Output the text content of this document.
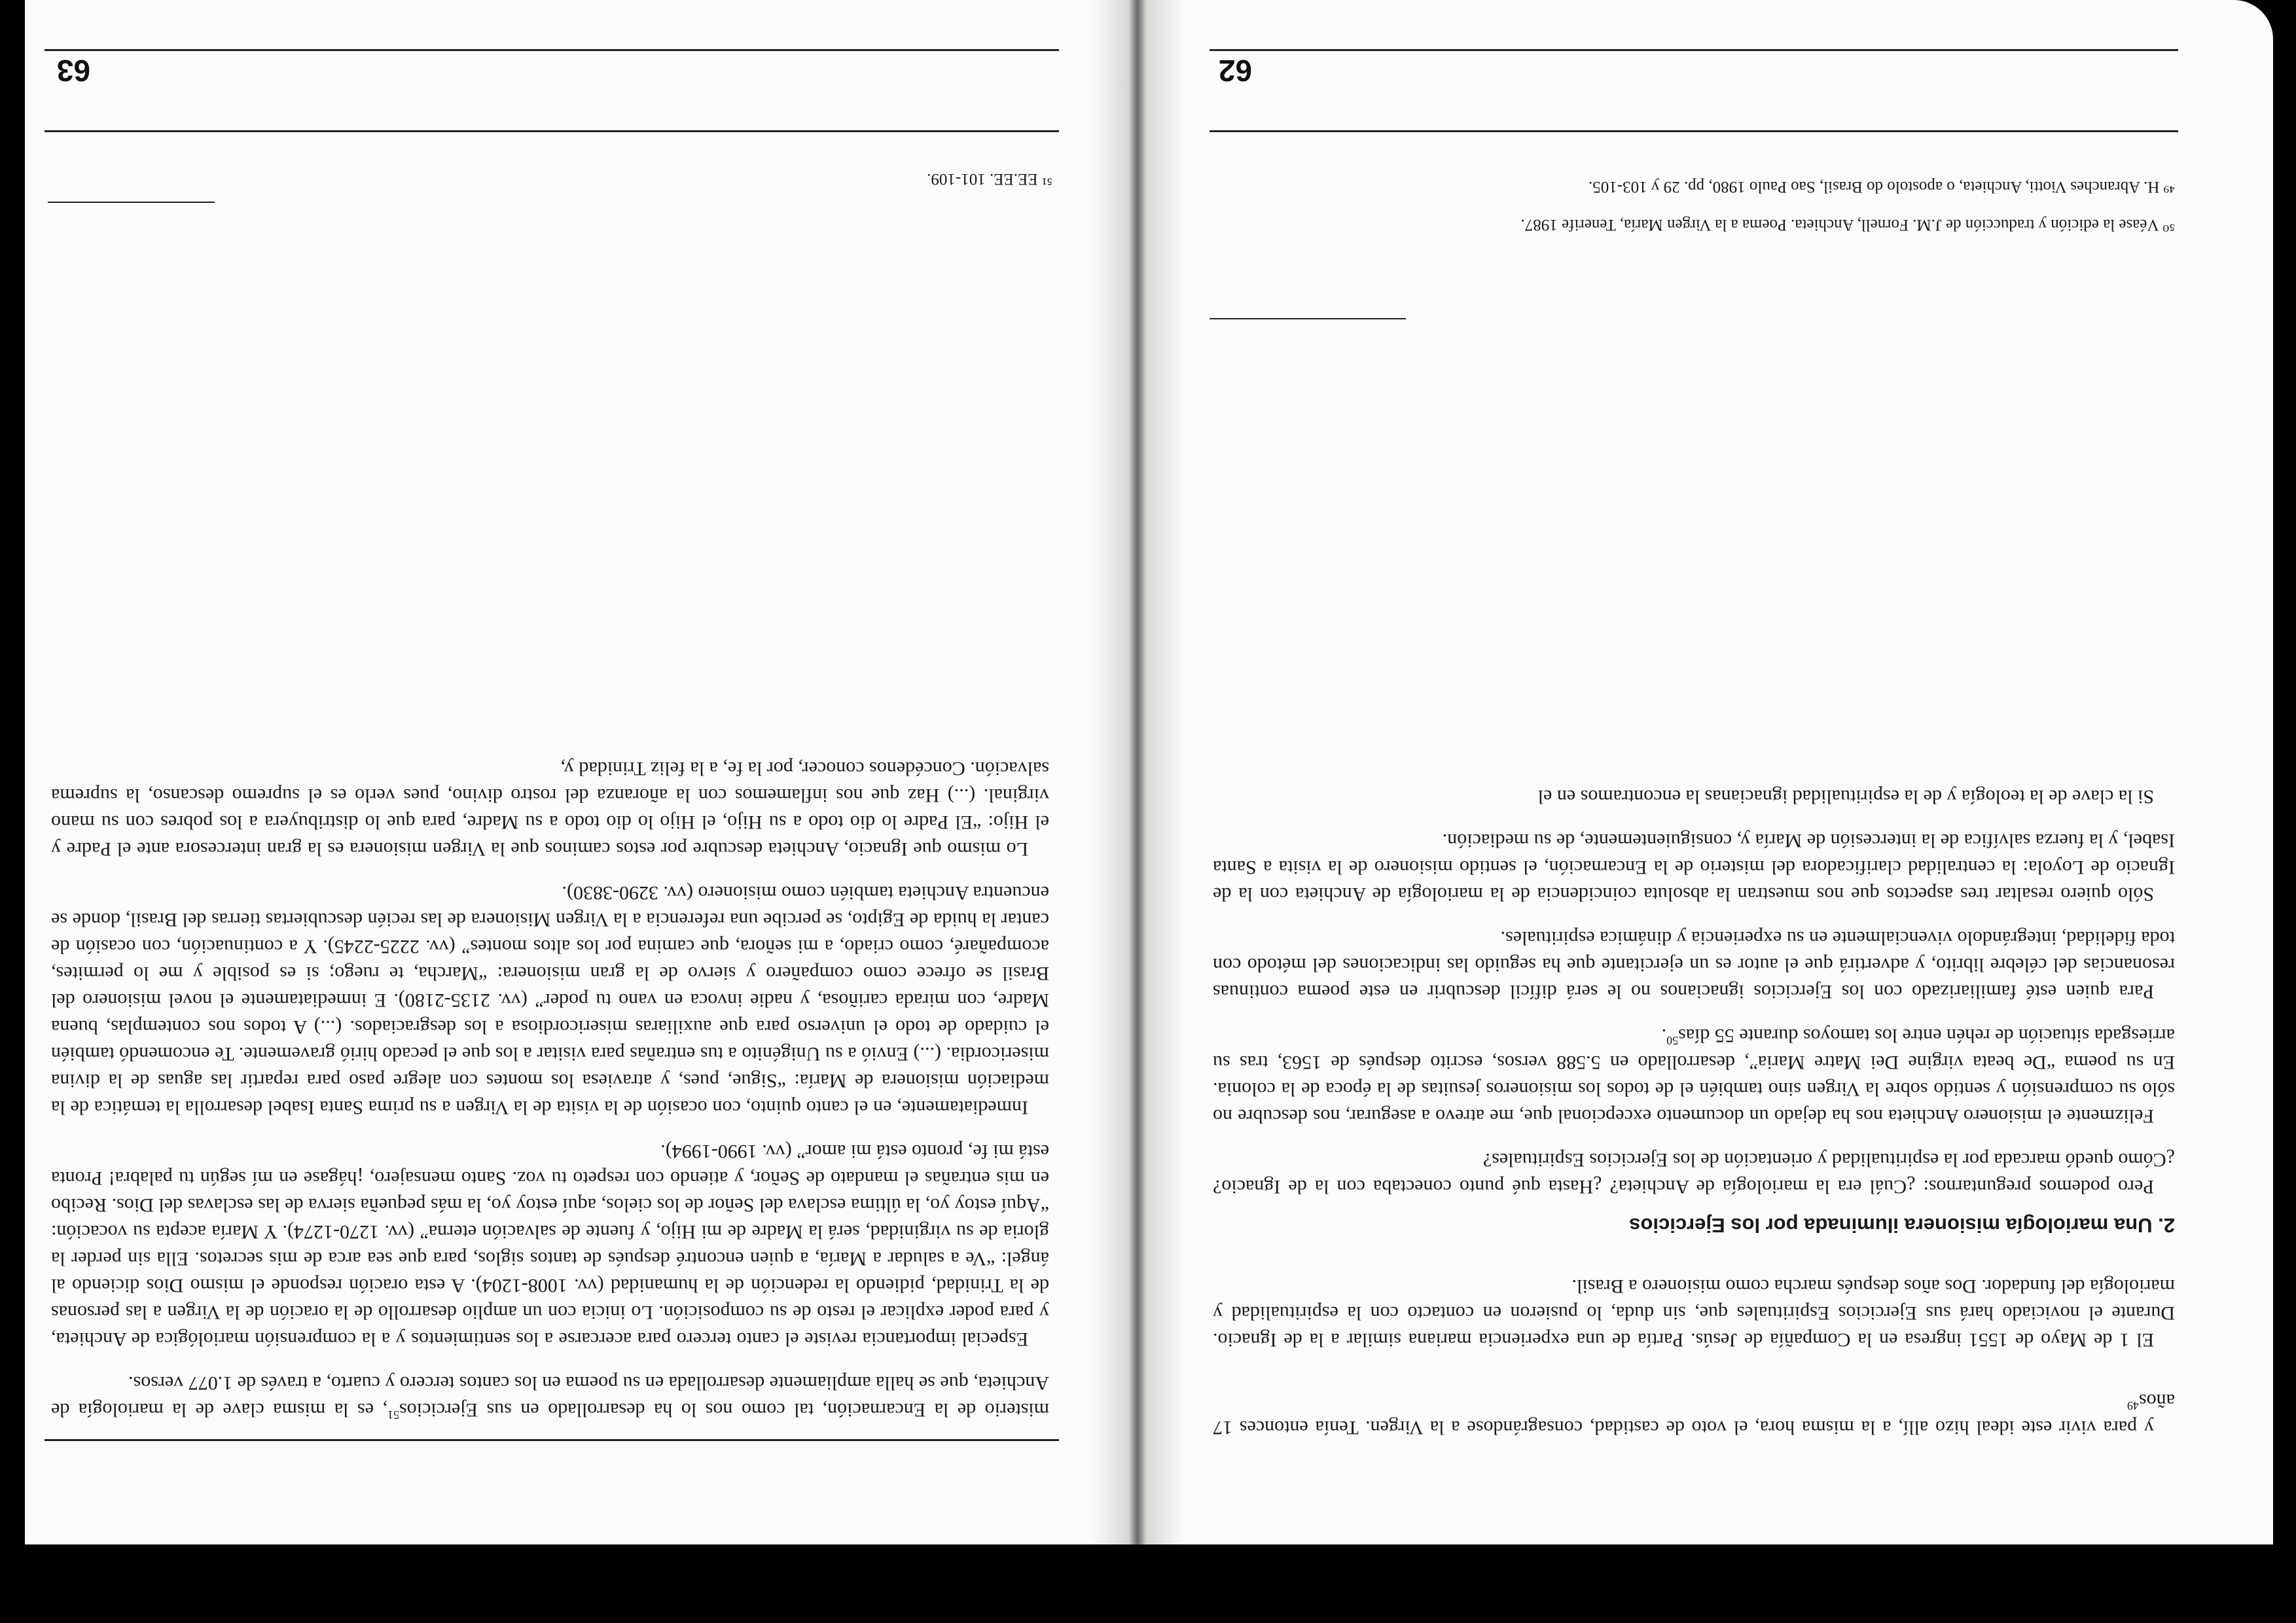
62

⁵⁰ Véase la edición y traducción de J.M. Fornell, Anchieta. Poema a la Virgen María, Tenerife 1987.

⁴⁹ H. Abranches Viotti, Anchieta, o apostolo do Brasil, Sao Paulo 1980, pp. 29 y 103-105.

y para vivir este ideal hizo allí, a la misma hora, el voto de castidad, consagrándose a la Virgen. Tenía entonces 17 años$^{49}$

El 1 de Mayo de 1551 ingresa en la Compañía de Jesús. Partía de una experiencia mariana similar a la de Ignacio. Durante el noviciado hará sus Ejercicios Espirituales que, sin duda, lo pusieron en contacto con la espiritualidad y mariología del fundador. Dos años después marcha como misionero a Brasil.

2. Una mariología misionera iluminada por los Ejercicios

Pero podemos preguntarnos: ¿Cuál era la mariología de Anchieta? ¿Hasta qué punto conectaba con la de Ignacio? ¿Cómo quedó marcada por la espiritualidad y orientación de los Ejercicios Espirituales?

Felizmente el misionero Anchieta nos ha dejado un documento excepcional que, me atrevo a asegurar, nos descubre no sólo su comprensión y sentido sobre la Virgen sino también el de todos los misioneros jesuitas de la época de la colonia. En su poema “De beata virgine Dei Matre Maria”, desarrollado en 5.588 versos, escrito después de 1563, tras su arriesgada situación de rehén entre los tamoyos durante 55 días$^{50}$.

Para quien esté familiarizado con los Ejercicios ignacianos no le será difícil descubrir en este poema continuas resonancias del célebre librito, y advertirá que el autor es un ejercitante que ha seguido las indicaciones del método con toda fidelidad, integrándolo vivencialmente en su experiencia y dinámica espirituales.

Sólo quiero resaltar tres aspectos que nos muestran la absoluta coincidencia de la mariología de Anchieta con la de Ignacio de Loyola: la centralidad clarificadora del misterio de la Encarnación, el sentido misionero de la visita a Santa Isabel, y la fuerza salvífica de la intercesión de María y, consiguientemente, de su mediación.

Si la clave de la teología y de la espiritualidad ignacianas la encontramos en el

63

⁵¹ EE.EE. 101-109.

misterio de la Encarnación, tal como nos lo ha desarrollado en sus Ejercicios$^{51}$, es la misma clave de la mariología de Anchieta, que se halla ampliamente desarrollada en su poema en los cantos tercero y cuarto, a través de 1.077 versos.

Especial importancia reviste el canto tercero para acercarse a los sentimientos y a la comprensión mariológica de Anchieta, y para poder explicar el resto de su composición. Lo inicia con un amplio desarrollo de la oración de la Virgen a las personas de la Trinidad, pidiendo la redención de la humanidad (vv. 1008-1204). A esta oración responde el mismo Dios diciendo al ángel: “Ve a saludar a María, a quien encontré después de tantos siglos, para que sea arca de mis secretos. Ella sin perder la gloria de su virginidad, será la Madre de mi Hijo, y fuente de salvación eterna” (vv. 1270-1274). Y María acepta su vocación: “Aquí estoy yo, la última esclava del Señor de los cielos, aquí estoy yo, la más pequeña sierva de las esclavas del Dios. Recibo en mis entrañas el mandato de Señor, y atiendo con respeto tu voz. Santo mensajero, ¡hágase en mí según tu palabra! Pronta está mi fe, pronto está mi amor” (vv. 1990-1994).

Inmediatamente, en el canto quinto, con ocasión de la visita de la Virgen a su prima Santa Isabel desarrolla la temática de la mediación misionera de María: “Sigue, pues, y atraviesa los montes con alegre paso para repartir las aguas de la divina misericordia. (...) Envió a su Unigénito a tus entrañas para visitar a los que el pecado hirió gravemente. Te encomendó también el cuidado de todo el universo para que auxiliaras misericordiosa a los desgraciados. (...) A todos nos contemplas, buena Madre, con mirada cariñosa, y nadie invoca en vano tu poder” (vv. 2135-2180). E inmediatamente el novel misionero del Brasil se ofrece como compañero y siervo de la gran misionera: “Marcha, te ruego; si es posible y me lo permites, acompañaré, como criado, a mi señora, que camina por los altos montes” (vv. 2225-2245). Y a continuación, con ocasión de cantar la huida de Egipto, se percibe una referencia a la Virgen Misionera de las recién descubiertas tierras del Brasil, donde se encuentra Anchieta también como misionero (vv. 3290-3830).

Lo mismo que Ignacio, Anchieta descubre por estos caminos que la Virgen misionera es la gran intercesora ante el Padre y el Hijo: “El Padre lo dio todo a su Hijo, el Hijo lo dio todo a su Madre, para que lo distribuyera a los pobres con su mano virginal. (...) Haz que nos inflamemos con la añoranza del rostro divino, pues verlo es el supremo descanso, la suprema salvación. Concédenos conocer, por la fe, a la feliz Trinidad y,
